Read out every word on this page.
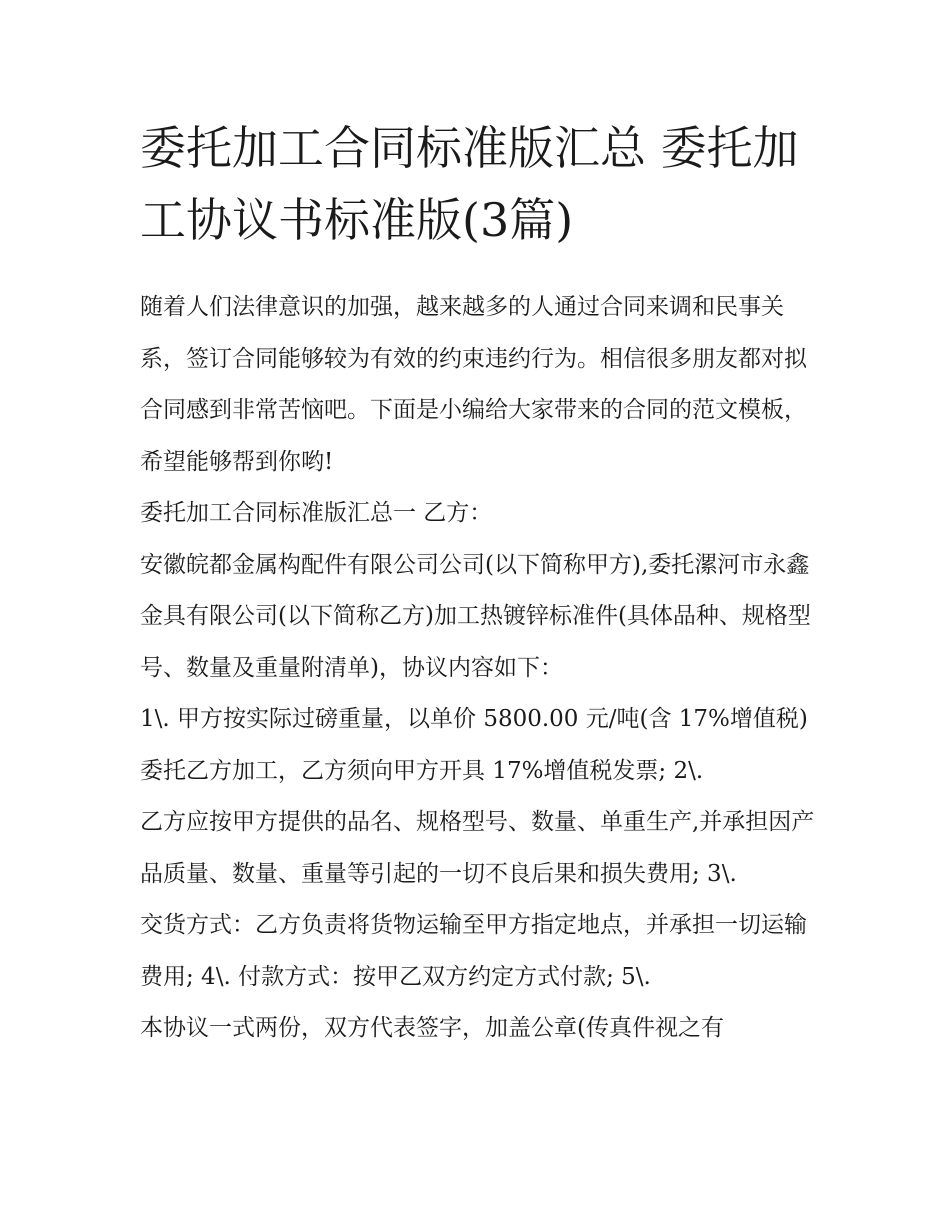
委托加工合同标准版汇总 委托加工协议书标准版(3篇)

随着人们法律意识的加强，越来越多的人通过合同来调和民事关系，签订合同能够较为有效的约束违约行为。相信很多朋友都对拟合同感到非常苦恼吧。下面是小编给大家带来的合同的范文模板，希望能够帮到你哟!

委托加工合同标准版汇总一 乙方：

安徽皖都金属构配件有限公司公司(以下简称甲方),委托漯河市永鑫金具有限公司(以下简称乙方)加工热镀锌标准件(具体品种、规格型号、数量及重量附清单)，协议内容如下：

1\. 甲方按实际过磅重量，以单价 5800.00 元/吨(含 17%增值税)委托乙方加工，乙方须向甲方开具 17%增值税发票; 2\.

乙方应按甲方提供的品名、规格型号、数量、单重生产,并承担因产品质量、数量、重量等引起的一切不良后果和损失费用; 3\.

交货方式：乙方负责将货物运输至甲方指定地点，并承担一切运输费用; 4\. 付款方式：按甲乙双方约定方式付款; 5\.

本协议一式两份，双方代表签字，加盖公章(传真件视之有
